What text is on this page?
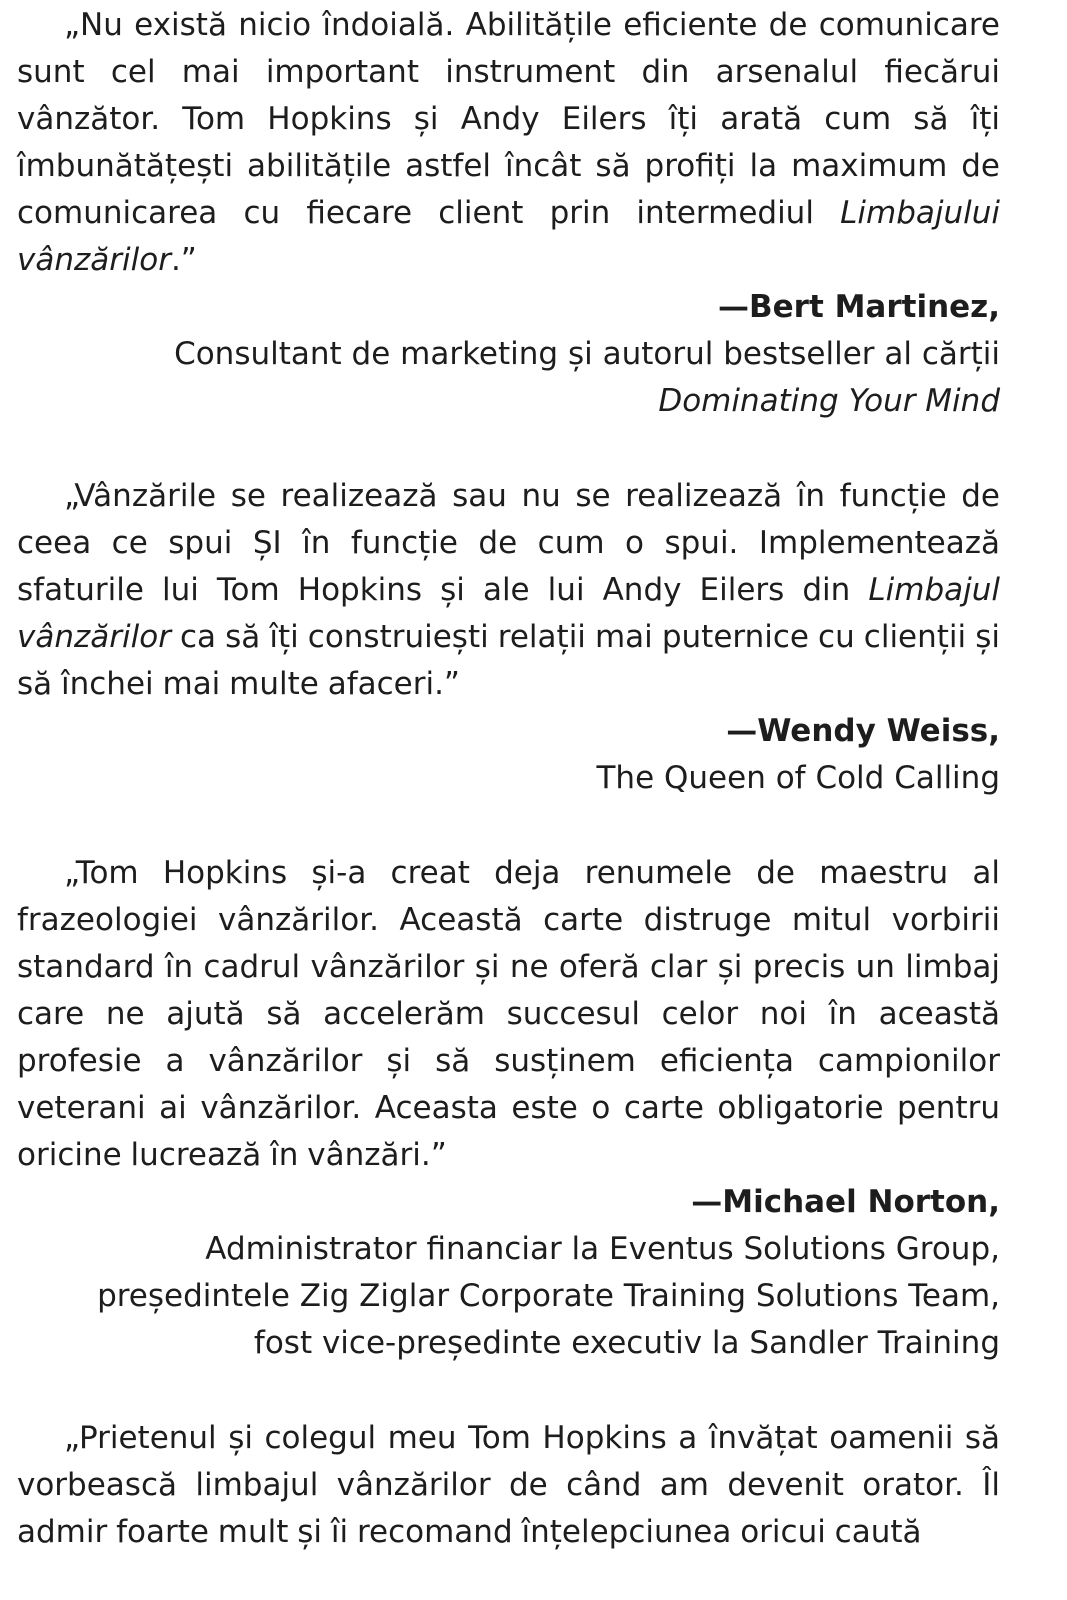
„Nu există nicio îndoială. Abilitățile eficiente de comunicare sunt cel mai important instrument din arsenalul fiecărui vânzător. Tom Hopkins și Andy Eilers îți arată cum să îți îmbunătățești abilitățile astfel încât să profiți la maximum de comunicarea cu fiecare client prin intermediul Limbajului vânzărilor.”

—Bert Martinez,

Consultant de marketing și autorul bestseller al cărții

Dominating Your Mind

„Vânzările se realizează sau nu se realizează în funcție de ceea ce spui ȘI în funcție de cum o spui. Implementează sfaturile lui Tom Hopkins și ale lui Andy Eilers din Limbajul vânzărilor ca să îți construiești relații mai puternice cu clienții și să închei mai multe afaceri.”

—Wendy Weiss,

The Queen of Cold Calling

„Tom Hopkins și-a creat deja renumele de maestru al frazeologiei vânzărilor. Această carte distruge mitul vorbirii standard în cadrul vânzărilor și ne oferă clar și precis un limbaj care ne ajută să accelerăm succesul celor noi în această profesie a vânzărilor și să susținem eficiența campionilor veterani ai vânzărilor. Aceasta este o carte obligatorie pentru oricine lucrează în vânzări.”

—Michael Norton,

Administrator financiar la Eventus Solutions Group,

președintele Zig Ziglar Corporate Training Solutions Team,

fost vice-președinte executiv la Sandler Training

„Prietenul și colegul meu Tom Hopkins a învățat oamenii să vorbească limbajul vânzărilor de când am devenit orator. Îl admir foarte mult și îi recomand înțelepciunea oricui caută
